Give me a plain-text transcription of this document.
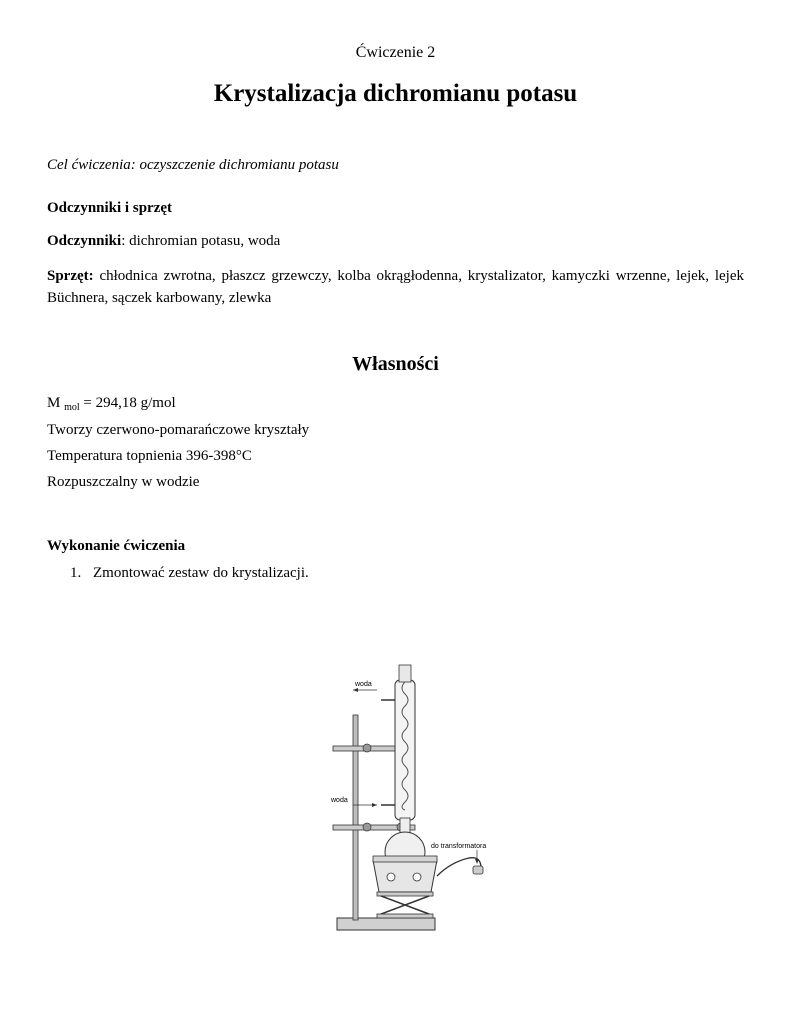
Ćwiczenie 2
Krystalizacja dichromianu potasu
Cel ćwiczenia: oczyszczenie dichromianu potasu
Odczynniki i sprzęt
Odczynniki: dichromian potasu, woda
Sprzęt: chłodnica zwrotna, płaszcz grzewczy, kolba okrągłodenna, krystalizator, kamyczki wrzenne, lejek, lejek Büchnera, sączek karbowany, zlewka
Własności
M $_{mol}$ = 294,18 g/mol
Tworzy czerwono-pomarańczowe kryształy
Temperatura topnienia 396-398°C
Rozpuszczalny w wodzie
Wykonanie ćwiczenia
1. Zmontować zestaw do krystalizacji.
woda
woda
do transformatora
